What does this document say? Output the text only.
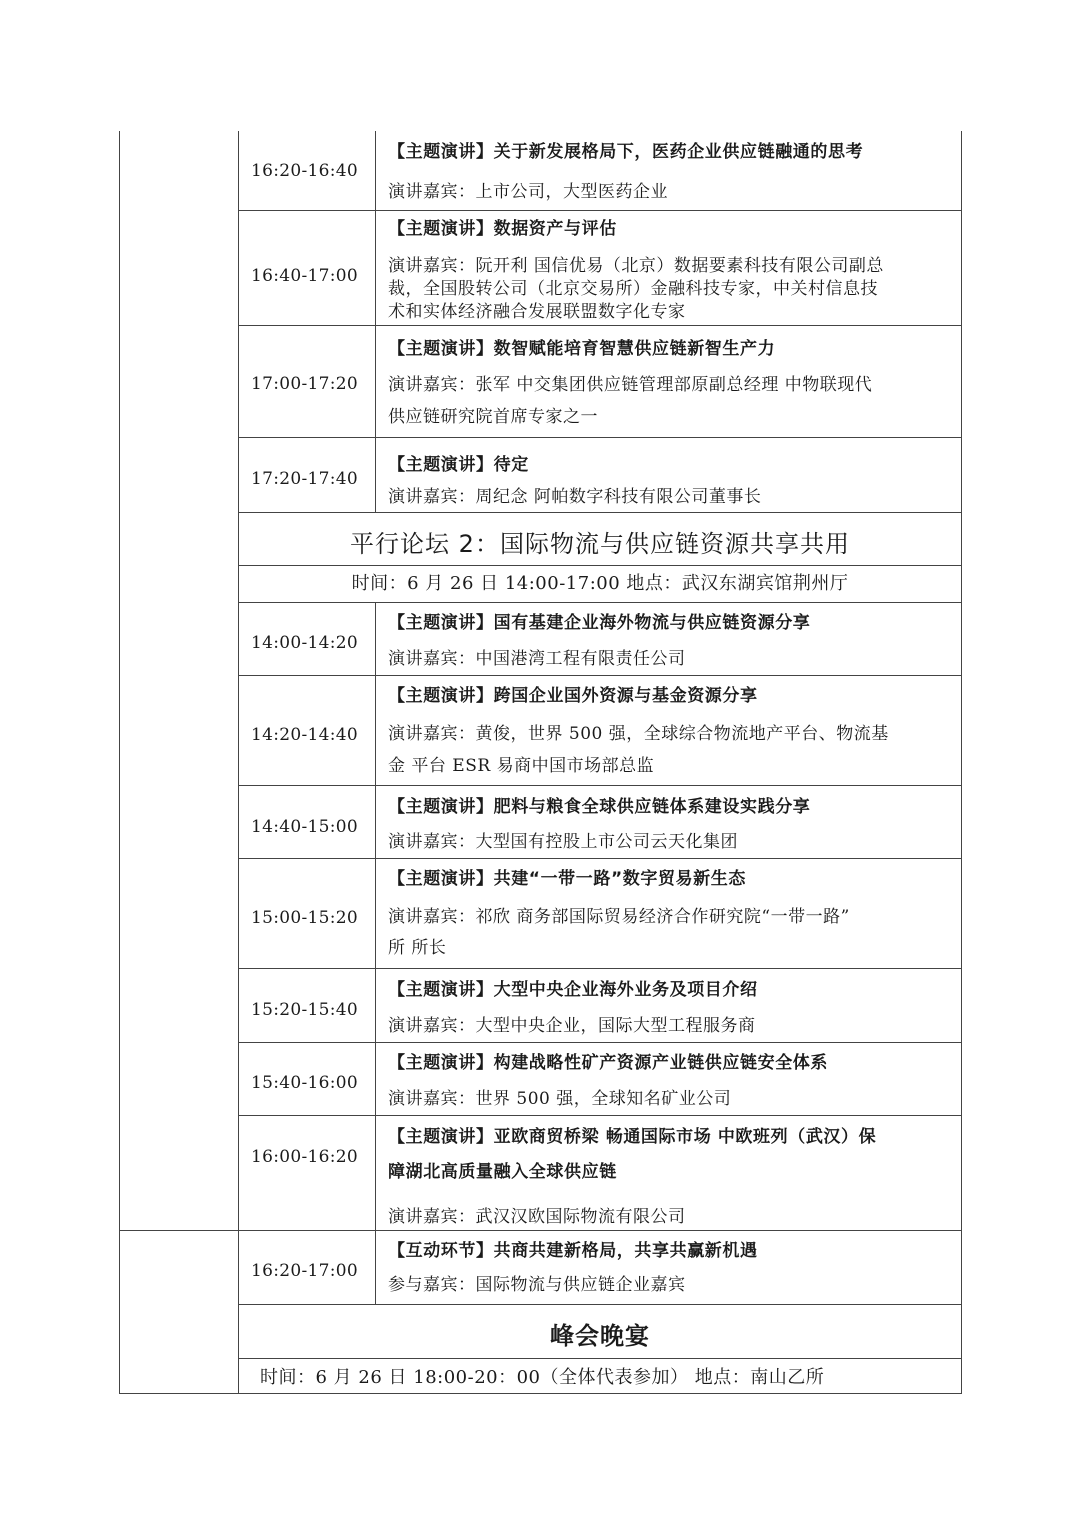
16:20-16:40
【主题演讲】关于新发展格局下，医药企业供应链融通的思考
演讲嘉宾：上市公司，大型医药企业
16:40-17:00
【主题演讲】数据资产与评估
演讲嘉宾：阮开利 国信优易（北京）数据要素科技有限公司副总
裁，全国股转公司（北京交易所）金融科技专家，中关村信息技
术和实体经济融合发展联盟数字化专家
17:00-17:20
【主题演讲】数智赋能培育智慧供应链新智生产力
演讲嘉宾：张军 中交集团供应链管理部原副总经理 中物联现代
供应链研究院首席专家之一
17:20-17:40
【主题演讲】待定
演讲嘉宾：周纪念 阿帕数字科技有限公司董事长
平行论坛 2：国际物流与供应链资源共享共用
时间：6 月 26 日 14:00-17:00 地点：武汉东湖宾馆荆州厅
14:00-14:20
【主题演讲】国有基建企业海外物流与供应链资源分享
演讲嘉宾：中国港湾工程有限责任公司
14:20-14:40
【主题演讲】跨国企业国外资源与基金资源分享
演讲嘉宾：黄俊，世界 500 强，全球综合物流地产平台、物流基
金 平台 ESR 易商中国市场部总监
14:40-15:00
【主题演讲】肥料与粮食全球供应链体系建设实践分享
演讲嘉宾：大型国有控股上市公司云天化集团
15:00-15:20
【主题演讲】共建“一带一路”数字贸易新生态
演讲嘉宾：祁欣 商务部国际贸易经济合作研究院“一带一路”
所 所长
15:20-15:40
【主题演讲】大型中央企业海外业务及项目介绍
演讲嘉宾：大型中央企业，国际大型工程服务商
15:40-16:00
【主题演讲】构建战略性矿产资源产业链供应链安全体系
演讲嘉宾：世界 500 强，全球知名矿业公司
16:00-16:20
【主题演讲】亚欧商贸桥梁 畅通国际市场 中欧班列（武汉）保
障湖北高质量融入全球供应链
演讲嘉宾：武汉汉欧国际物流有限公司
16:20-17:00
【互动环节】共商共建新格局，共享共赢新机遇
参与嘉宾：国际物流与供应链企业嘉宾
峰会晚宴
时间：6 月 26 日 18:00-20：00（全体代表参加） 地点：南山乙所
